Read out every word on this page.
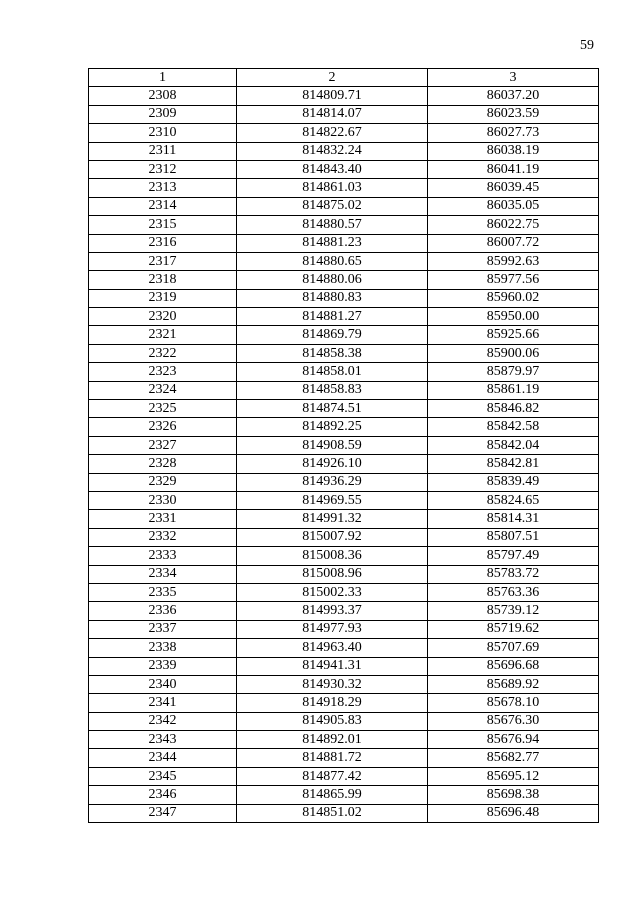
59
1	2	3
2308	814809.71	86037.20
2309	814814.07	86023.59
2310	814822.67	86027.73
2311	814832.24	86038.19
2312	814843.40	86041.19
2313	814861.03	86039.45
2314	814875.02	86035.05
2315	814880.57	86022.75
2316	814881.23	86007.72
2317	814880.65	85992.63
2318	814880.06	85977.56
2319	814880.83	85960.02
2320	814881.27	85950.00
2321	814869.79	85925.66
2322	814858.38	85900.06
2323	814858.01	85879.97
2324	814858.83	85861.19
2325	814874.51	85846.82
2326	814892.25	85842.58
2327	814908.59	85842.04
2328	814926.10	85842.81
2329	814936.29	85839.49
2330	814969.55	85824.65
2331	814991.32	85814.31
2332	815007.92	85807.51
2333	815008.36	85797.49
2334	815008.96	85783.72
2335	815002.33	85763.36
2336	814993.37	85739.12
2337	814977.93	85719.62
2338	814963.40	85707.69
2339	814941.31	85696.68
2340	814930.32	85689.92
2341	814918.29	85678.10
2342	814905.83	85676.30
2343	814892.01	85676.94
2344	814881.72	85682.77
2345	814877.42	85695.12
2346	814865.99	85698.38
2347	814851.02	85696.48
